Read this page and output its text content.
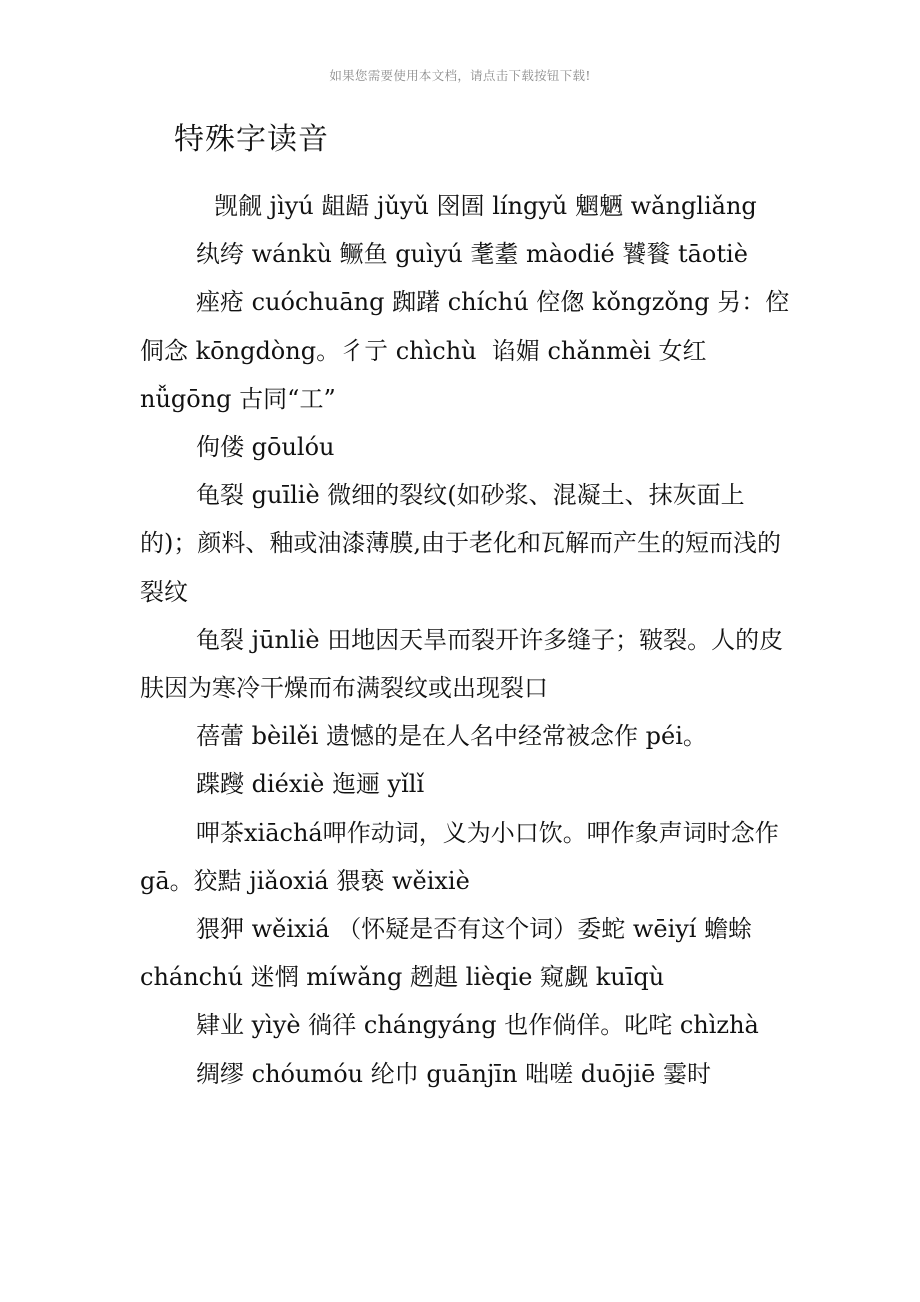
如果您需要使用本文档，请点击下载按钮下载!
特殊字读音

觊觎 jìyú 龃龉 jǔyǔ 囹圄 língyǔ 魍魉 wǎngliǎng

纨绔 wánkù 鳜鱼 guìyú 耄耋 màodié 饕餮 tāotiè

痤疮 cuóchuāng 踟躇 chíchú 倥偬 kǒngzǒng 另：倥侗念 kōngdòng。彳亍 chìchù  谄媚 chǎnmèi 女红 nǚgōng 古同“工”

佝偻 gōulóu

龟裂 guīliè 微细的裂纹(如砂浆、混凝土、抹灰面上的)；颜料、釉或油漆薄膜,由于老化和瓦解而产生的短而浅的裂纹

龟裂 jūnliè 田地因天旱而裂开许多缝子；皲裂。人的皮肤因为寒冷干燥而布满裂纹或出现裂口

蓓蕾 bèilěi 遗憾的是在人名中经常被念作 péi。

蹀躞 diéxiè 迤逦 yǐlǐ

呷茶xiāchá呷作动词，义为小口饮。呷作象声词时念作 gā。狡黠 jiǎoxiá 猥亵 wěixiè

猥狎 wěixiá （怀疑是否有这个词）委蛇 wēiyí 蟾蜍 chánchú 迷惘 míwǎng 趔趄 lièqie 窥觑 kuīqù

肄业 yìyè 徜徉 chángyáng 也作倘佯。叱咤 chìzhà

绸缪 chóumóu 纶巾 guānjīn 咄嗟 duōjiē 霎时
